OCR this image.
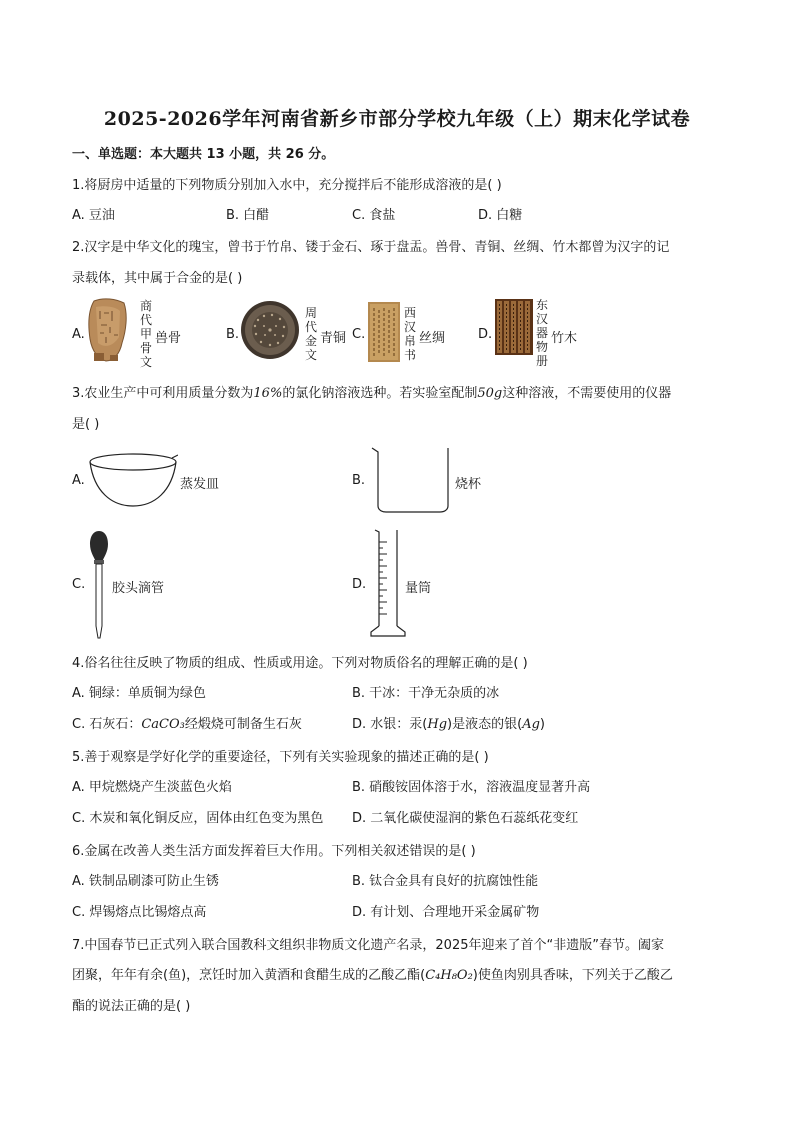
2025-2026学年河南省新乡市部分学校九年级（上）期末化学试卷
一、单选题：本大题共 13 小题，共 26 分。
1.将厨房中适量的下列物质分别加入水中，充分搅拌后不能形成溶液的是( )
A. 豆油	B. 白醋	C. 食盐	D. 白糖
2.汉字是中华文化的瑰宝，曾书于竹帛、镂于金石、琢于盘盂。兽骨、青铜、丝绸、竹木都曾为汉字的记
录载体，其中属于合金的是( )
A.
商代甲骨文
兽骨	B.
周代金文
青铜 C.
西汉帛书
丝绸	D.
东汉器物册
竹木
3.农业生产中可利用质量分数为16%的氯化钠溶液选种。若实验室配制50g这种溶液，不需要使用的仪器
是( )
A.	蒸发皿	B.	烧杯
C. 胶头滴管	D.	量筒
4.俗名往往反映了物质的组成、性质或用途。下列对物质俗名的理解正确的是( )
A. 铜绿：单质铜为绿色	B. 干冰：干净无杂质的冰
C. 石灰石：CaCO₃经煅烧可制备生石灰	D. 水银：汞(Hg)是液态的银(Ag)
5.善于观察是学好化学的重要途径，下列有关实验现象的描述正确的是( )
A. 甲烷燃烧产生淡蓝色火焰	B. 硝酸铵固体溶于水，溶液温度显著升高
C. 木炭和氧化铜反应，固体由红色变为黑色 D. 二氧化碳使湿润的紫色石蕊纸花变红
6.金属在改善人类生活方面发挥着巨大作用。下列相关叙述错误的是( )
A. 铁制品刷漆可防止生锈	B. 钛合金具有良好的抗腐蚀性能
C. 焊锡熔点比锡熔点高	D. 有计划、合理地开采金属矿物
7.中国春节已正式列入联合国教科文组织非物质文化遗产名录，2025年迎来了首个“非遗版”春节。阖家
团聚，年年有余(鱼)，烹饪时加入黄酒和食醋生成的乙酸乙酯(C₄H₈O₂)使鱼肉别具香味，下列关于乙酸乙
酯的说法正确的是( )
